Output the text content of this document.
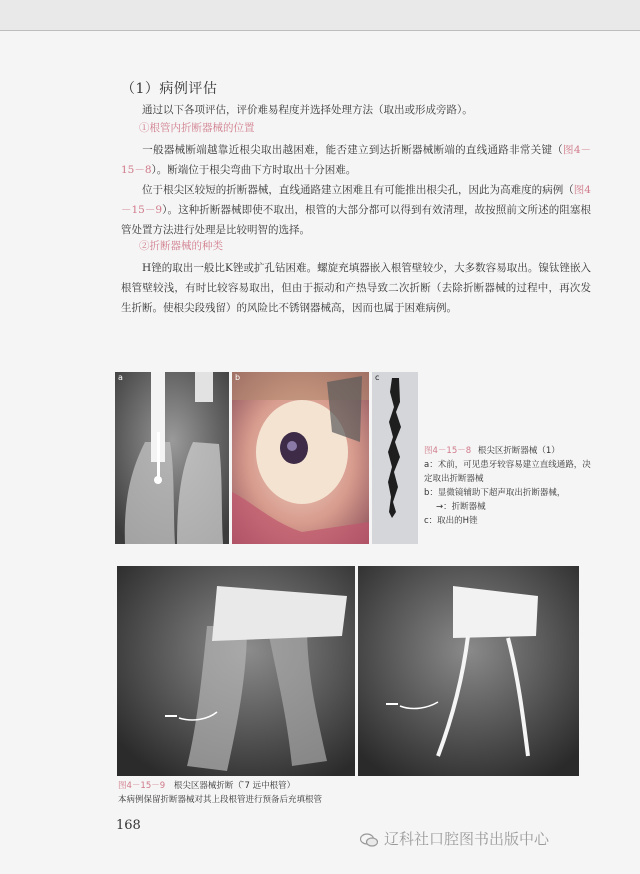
（1）病例评估
通过以下各项评估，评价难易程度并选择处理方法（取出或形成旁路）。
①根管内折断器械的位置
一般器械断端越靠近根尖取出越困难，能否建立到达折断器械断端的直线通路非常关键（图4－15－8）。断端位于根尖弯曲下方时取出十分困难。
位于根尖区较短的折断器械，直线通路建立困难且有可能推出根尖孔，因此为高难度的病例（图4－15－9）。这种折断器械即使不取出，根管的大部分都可以得到有效清理，故按照前文所述的阻塞根管处置方法进行处理是比较明智的选择。
②折断器械的种类
H锉的取出一般比K锉或扩孔钻困难。螺旋充填器嵌入根管壁较少，大多数容易取出。镍钛锉嵌入根管壁较浅，有时比较容易取出，但由于振动和产热导致二次折断（去除折断器械的过程中，再次发生折断。使根尖段残留）的风险比不锈钢器械高，因而也属于困难病例。
a	b	c
图4－15－8 根尖区折断器械（1）
a：术前，可见患牙较容易建立直线通路，决定取出折断器械
b：显微镜辅助下超声取出折断器械，
→：折断器械
c：取出的H锉
图4－15－9 根尖区器械折断（ ̄7 远中根管）
本病例保留折断器械对其上段根管进行预备后充填根管
168
辽科社口腔图书出版中心
